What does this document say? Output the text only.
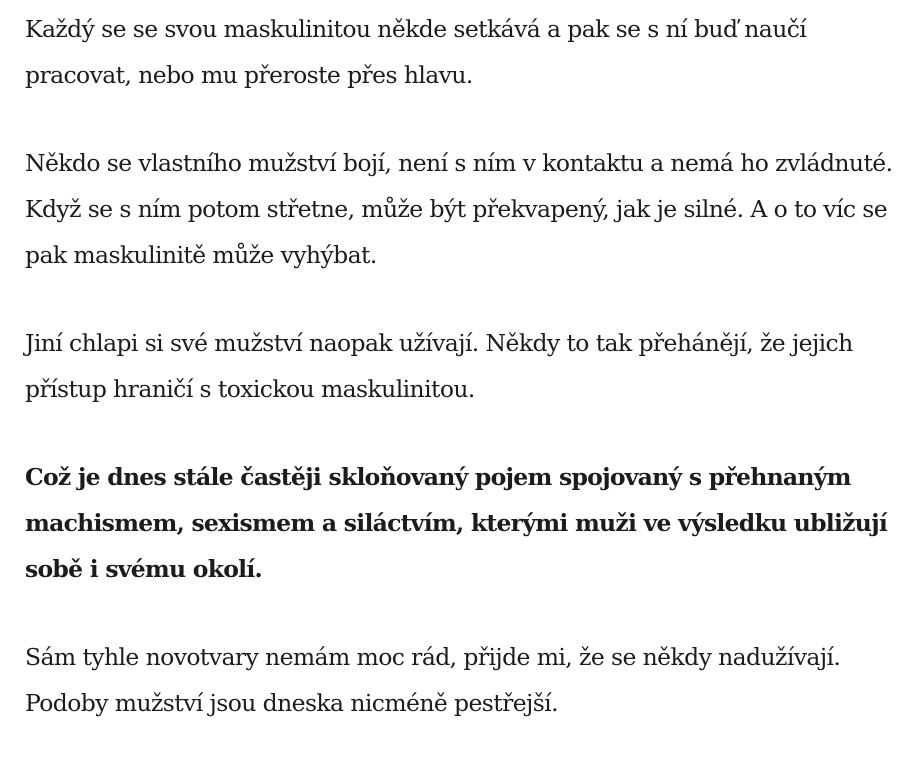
Každý se se svou maskulinitou někde setkává a pak se s ní buď naučí pracovat, nebo mu přeroste přes hlavu.

Někdo se vlastního mužství bojí, není s ním v kontaktu a nemá ho zvládnuté. Když se s ním potom střetne, může být překvapený, jak je silné. A o to víc se pak maskulinitě může vyhýbat.

Jiní chlapi si své mužství naopak užívají. Někdy to tak přehánějí, že jejich přístup hraničí s toxickou maskulinitou.

Což je dnes stále častěji skloňovaný pojem spojovaný s přehnaným machismem, sexismem a siláctvím, kterými muži ve výsledku ubližují sobě i svému okolí.

Sám tyhle novotvary nemám moc rád, přijde mi, že se někdy nadužívají. Podoby mužství jsou dneska nicméně pestřejší.
